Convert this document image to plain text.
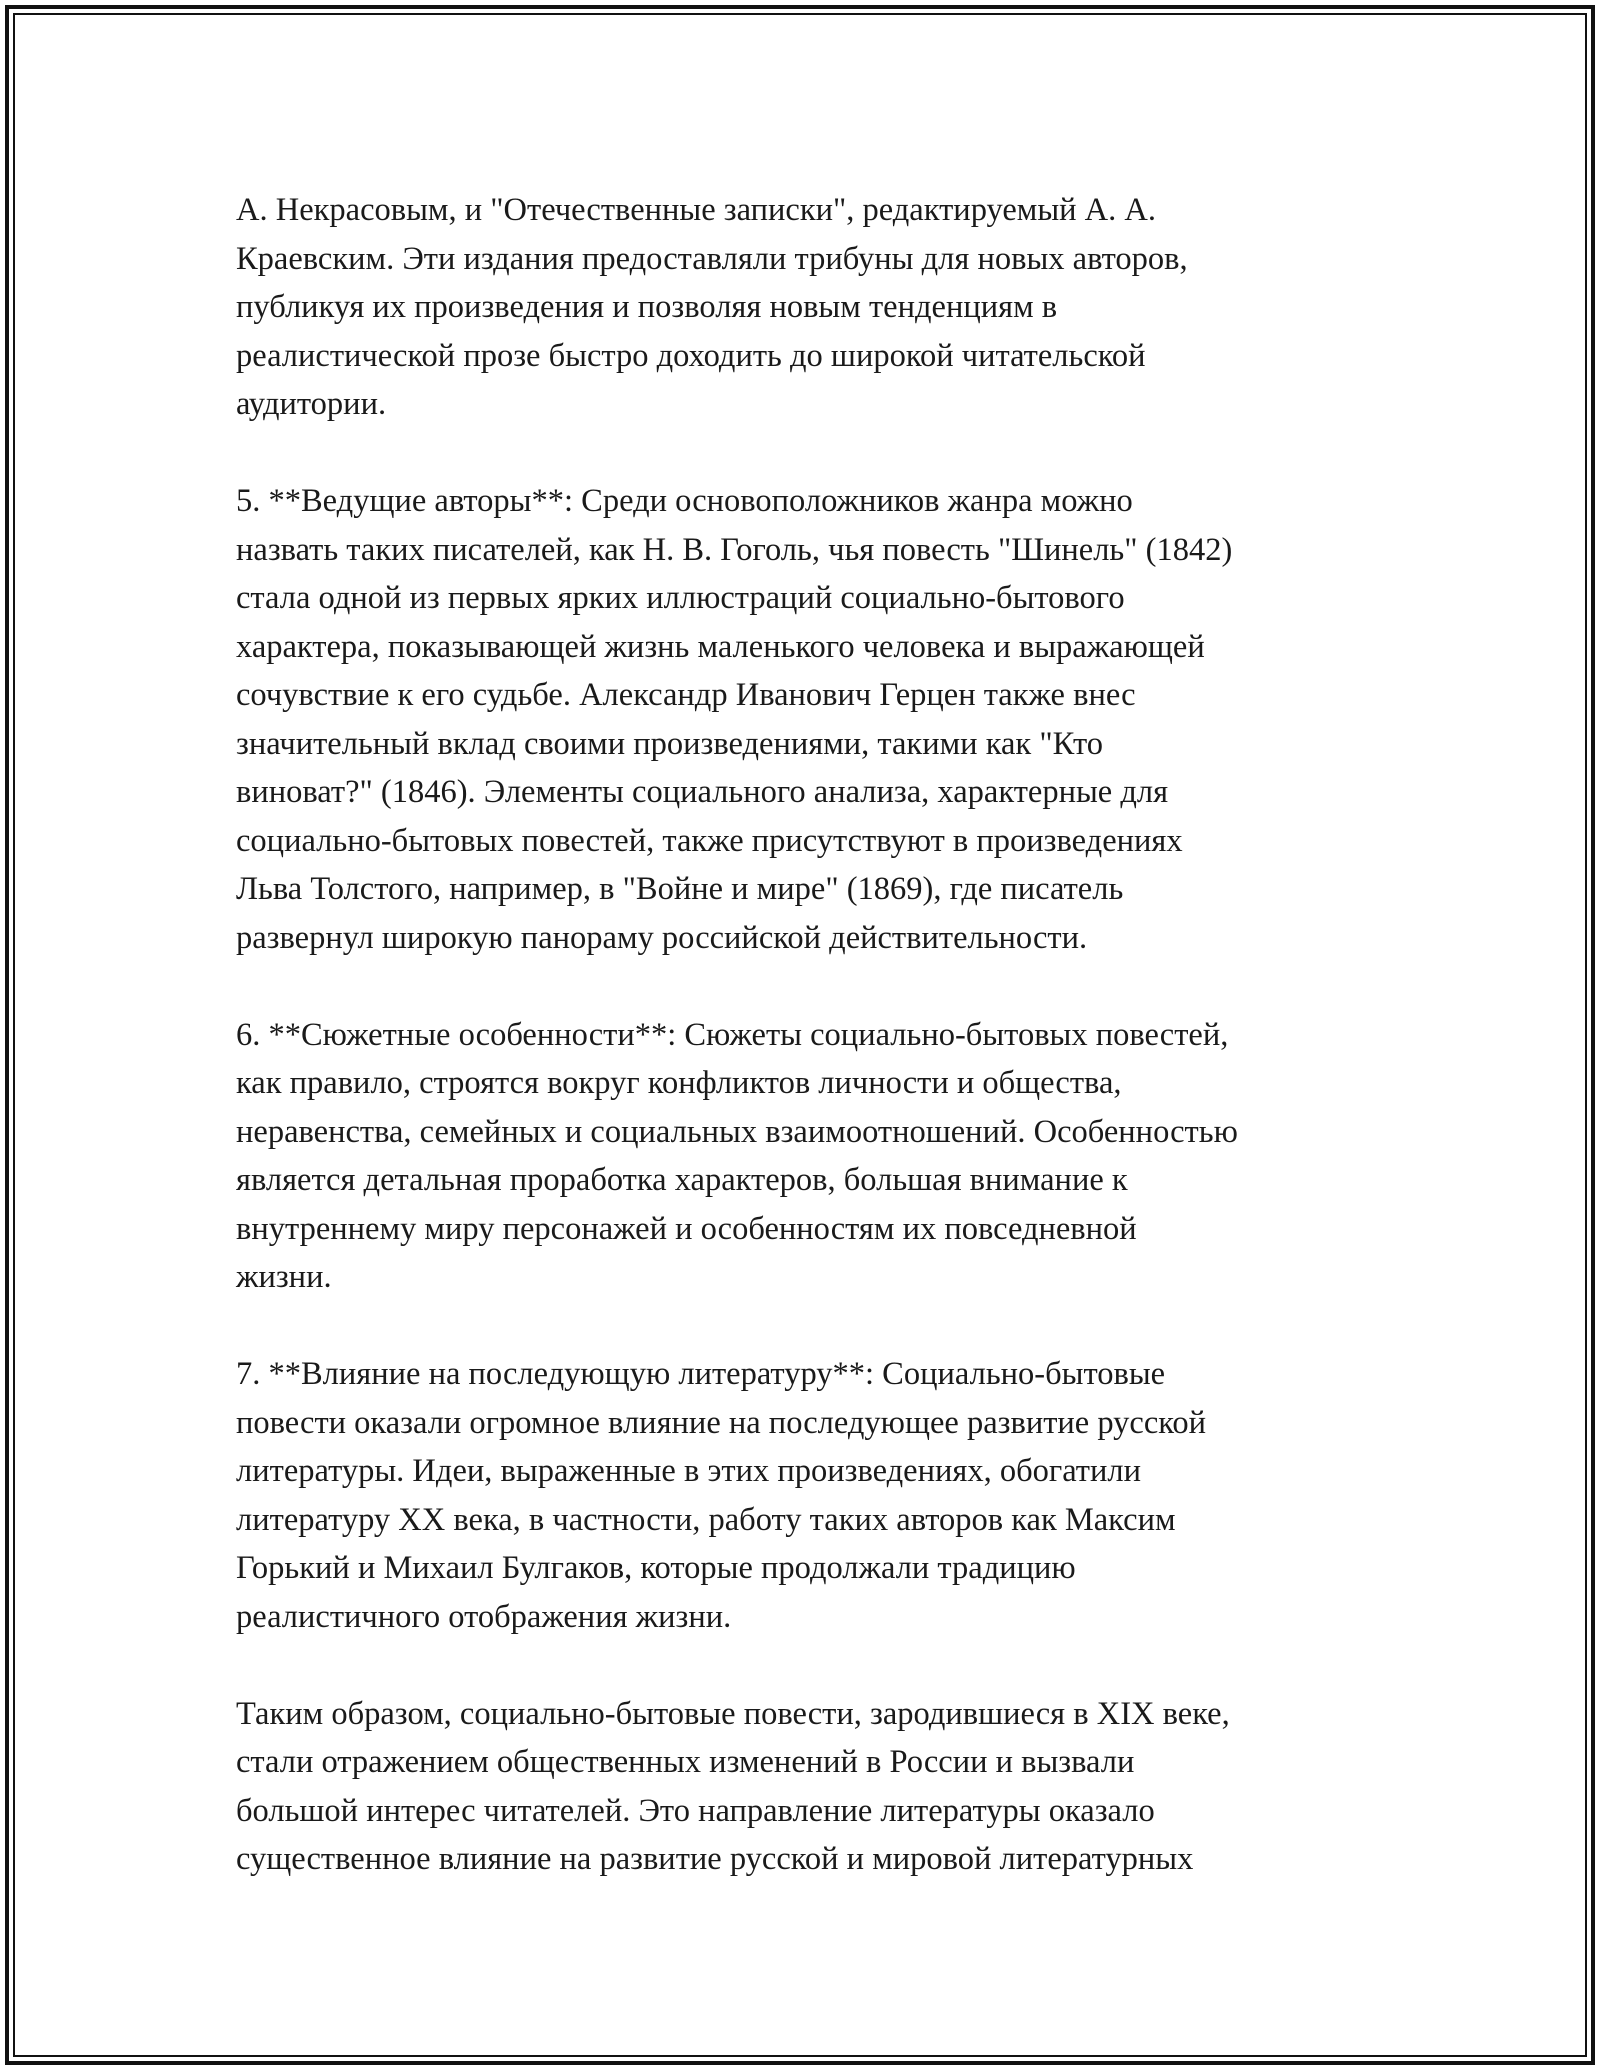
А. Некрасовым, и "Отечественные записки", редактируемый А. А.
Краевским. Эти издания предоставляли трибуны для новых авторов,
публикуя их произведения и позволяя новым тенденциям в
реалистической прозе быстро доходить до широкой читательской
аудитории.
5. **Ведущие авторы**: Среди основоположников жанра можно
назвать таких писателей, как Н. В. Гоголь, чья повесть "Шинель" (1842)
стала одной из первых ярких иллюстраций социально-бытового
характера, показывающей жизнь маленького человека и выражающей
сочувствие к его судьбе. Александр Иванович Герцен также внес
значительный вклад своими произведениями, такими как "Кто
виноват?" (1846). Элементы социального анализа, характерные для
социально-бытовых повестей, также присутствуют в произведениях
Льва Толстого, например, в "Войне и мире" (1869), где писатель
развернул широкую панораму российской действительности.
6. **Сюжетные особенности**: Сюжеты социально-бытовых повестей,
как правило, строятся вокруг конфликтов личности и общества,
неравенства, семейных и социальных взаимоотношений. Особенностью
является детальная проработка характеров, большая внимание к
внутреннему миру персонажей и особенностям их повседневной
жизни.
7. **Влияние на последующую литературу**: Социально-бытовые
повести оказали огромное влияние на последующее развитие русской
литературы. Идеи, выраженные в этих произведениях, обогатили
литературу XX века, в частности, работу таких авторов как Максим
Горький и Михаил Булгаков, которые продолжали традицию
реалистичного отображения жизни.
Таким образом, социально-бытовые повести, зародившиеся в XIX веке,
стали отражением общественных изменений в России и вызвали
большой интерес читателей. Это направление литературы оказало
существенное влияние на развитие русской и мировой литературных
